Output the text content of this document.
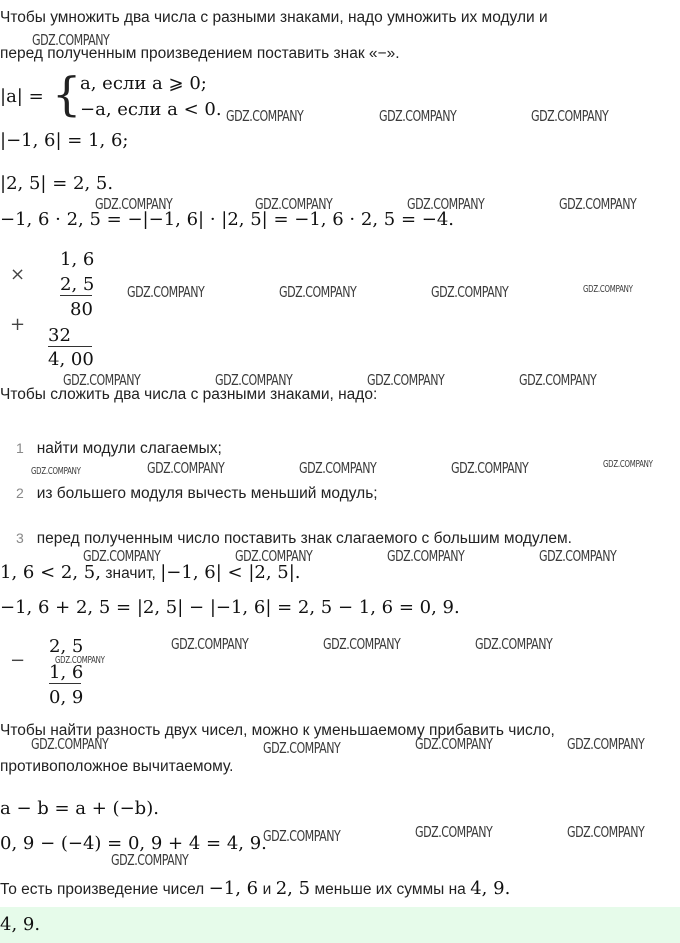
Чтобы умножить два числа с разными знаками, надо умножить их модули и
перед полученным произведением поставить знак «−».
|a| = {
a, если a ⩾ 0;
−a, если a < 0.
|−1, 6| = 1, 6;
|2, 5| = 2, 5.
−1, 6 · 2, 5 = −|−1, 6| · |2, 5| = −1, 6 · 2, 5 = −4.
×
1, 6
2, 5
80
+
32
4, 00
Чтобы сложить два числа с разными знаками, надо:
1 найти модули слагаемых;
2 из большего модуля вычесть меньший модуль;
3 перед полученным число поставить знак слагаемого с большим модулем.
1, 6 < 2, 5, значит, |−1, 6| < |2, 5|.
−1, 6 + 2, 5 = |2, 5| − |−1, 6| = 2, 5 − 1, 6 = 0, 9.
−
2, 5
1, 6
0, 9
Чтобы найти разность двух чисел, можно к уменьшаемому прибавить число,
противоположное вычитаемому.
a − b = a + (−b).
0, 9 − (−4) = 0, 9 + 4 = 4, 9.
То есть произведение чисел −1, 6 и 2, 5 меньше их суммы на 4, 9.
4, 9.
GDZ.COMPANY
GDZ.COMPANY	GDZ.COMPANY	GDZ.COMPANY
GDZ.COMPANY	GDZ.COMPANY	GDZ.COMPANY	GDZ.COMPANY
GDZ.COMPANY	GDZ.COMPANY	GDZ.COMPANY	GDZ.COMPANY
GDZ.COMPANY	GDZ.COMPANY	GDZ.COMPANY	GDZ.COMPANY
GDZ.COMPANY	GDZ.COMPANY	GDZ.COMPANY	GDZ.COMPANY	GDZ.COMPANY
GDZ.COMPANY	GDZ.COMPANY	GDZ.COMPANY	GDZ.COMPANY
GDZ.COMPANY
GDZ.COMPANY	GDZ.COMPANY	GDZ.COMPANY
GDZ.COMPANY	GDZ.COMPANY	GDZ.COMPANY	GDZ.COMPANY
GDZ.COMPANY	GDZ.COMPANY	GDZ.COMPANY
GDZ.COMPANY
